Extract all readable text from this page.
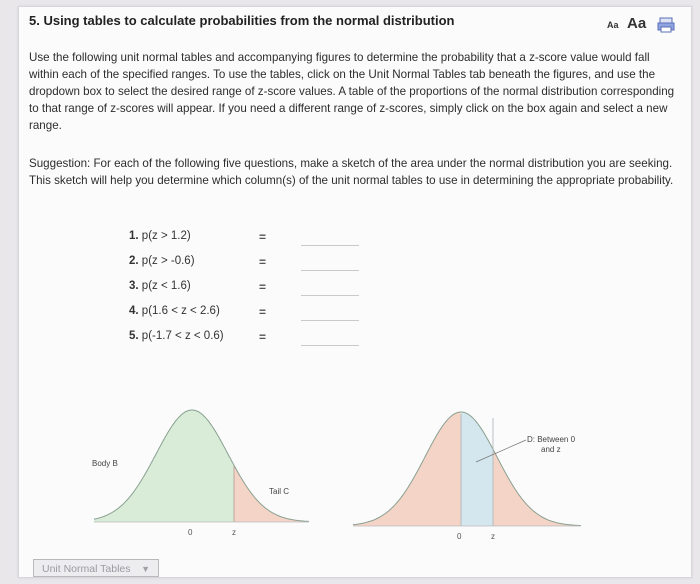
5. Using tables to calculate probabilities from the normal distribution	Aa Aa
Use the following unit normal tables and accompanying figures to determine the probability that a z-score value would fall within each of the specified ranges. To use the tables, click on the Unit Normal Tables tab beneath the figures, and use the dropdown box to select the desired range of z-score values. A table of the proportions of the normal distribution corresponding to that range of z-scores will appear. If you need a different range of z-scores, simply click on the box again and select a new range.
Suggestion: For each of the following five questions, make a sketch of the area under the normal distribution you are seeking. This sketch will help you determine which column(s) of the unit normal tables to use in determining the appropriate probability.
1. p(z > 1.2)	=
2. p(z > -0.6)	=
3. p(z < 1.6)	=
4. p(1.6 < z < 2.6)	=
5. p(-1.7 < z < 0.6)	=
Body B
Tail C
0	z
D: Between 0
and z
0	z
Unit Normal Tables ▼
